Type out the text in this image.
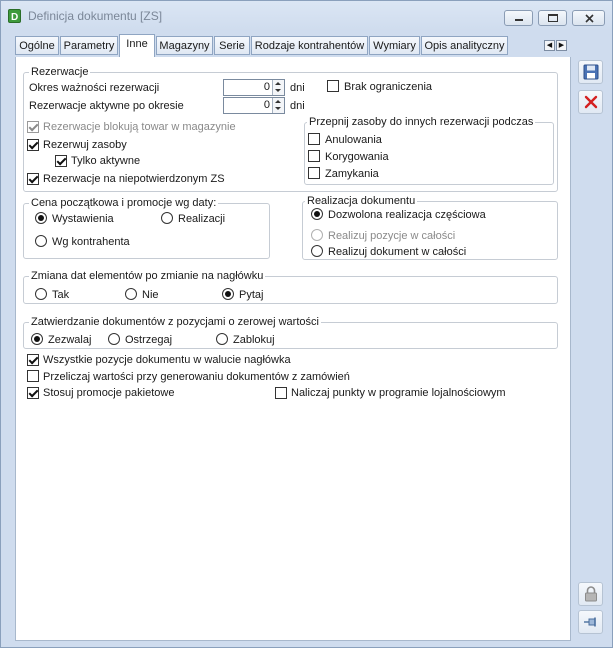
D Definicja dokumentu [ZS]
Ogólne Parametry	Inne	Magazyny Serie Rodzaje kontrahentów Wymiary Opis analityczny	◀ ▶
Rezerwacje
Okres ważności rezerwacji	0 dni
Rezerwacje aktywne po okresie	0 dni
Brak ograniczenia
Rezerwacje blokują towar w magazynie
Rezerwuj zasoby
Tylko aktywne
Rezerwacje na niepotwierdzonym ZS
Przepnij zasoby do innych rezerwacji podczas
Anulowania
Korygowania
Zamykania
Cena początkowa i promocje wg daty:
Wystawienia	Realizacji
Wg kontrahenta
Realizacja dokumentu
Dozwolona realizacja częściowa
Realizuj pozycje w całości
Realizuj dokument w całości
Zmiana dat elementów po zmianie na nagłówku
Tak	Nie	Pytaj
Zatwierdzanie dokumentów z pozycjami o zerowej wartości
Zezwalaj	Ostrzegaj	Zablokuj
Wszystkie pozycje dokumentu w walucie nagłówka
Przeliczaj wartości przy generowaniu dokumentów z zamówień
Stosuj promocje pakietowe	Naliczaj punkty w programie lojalnościowym
